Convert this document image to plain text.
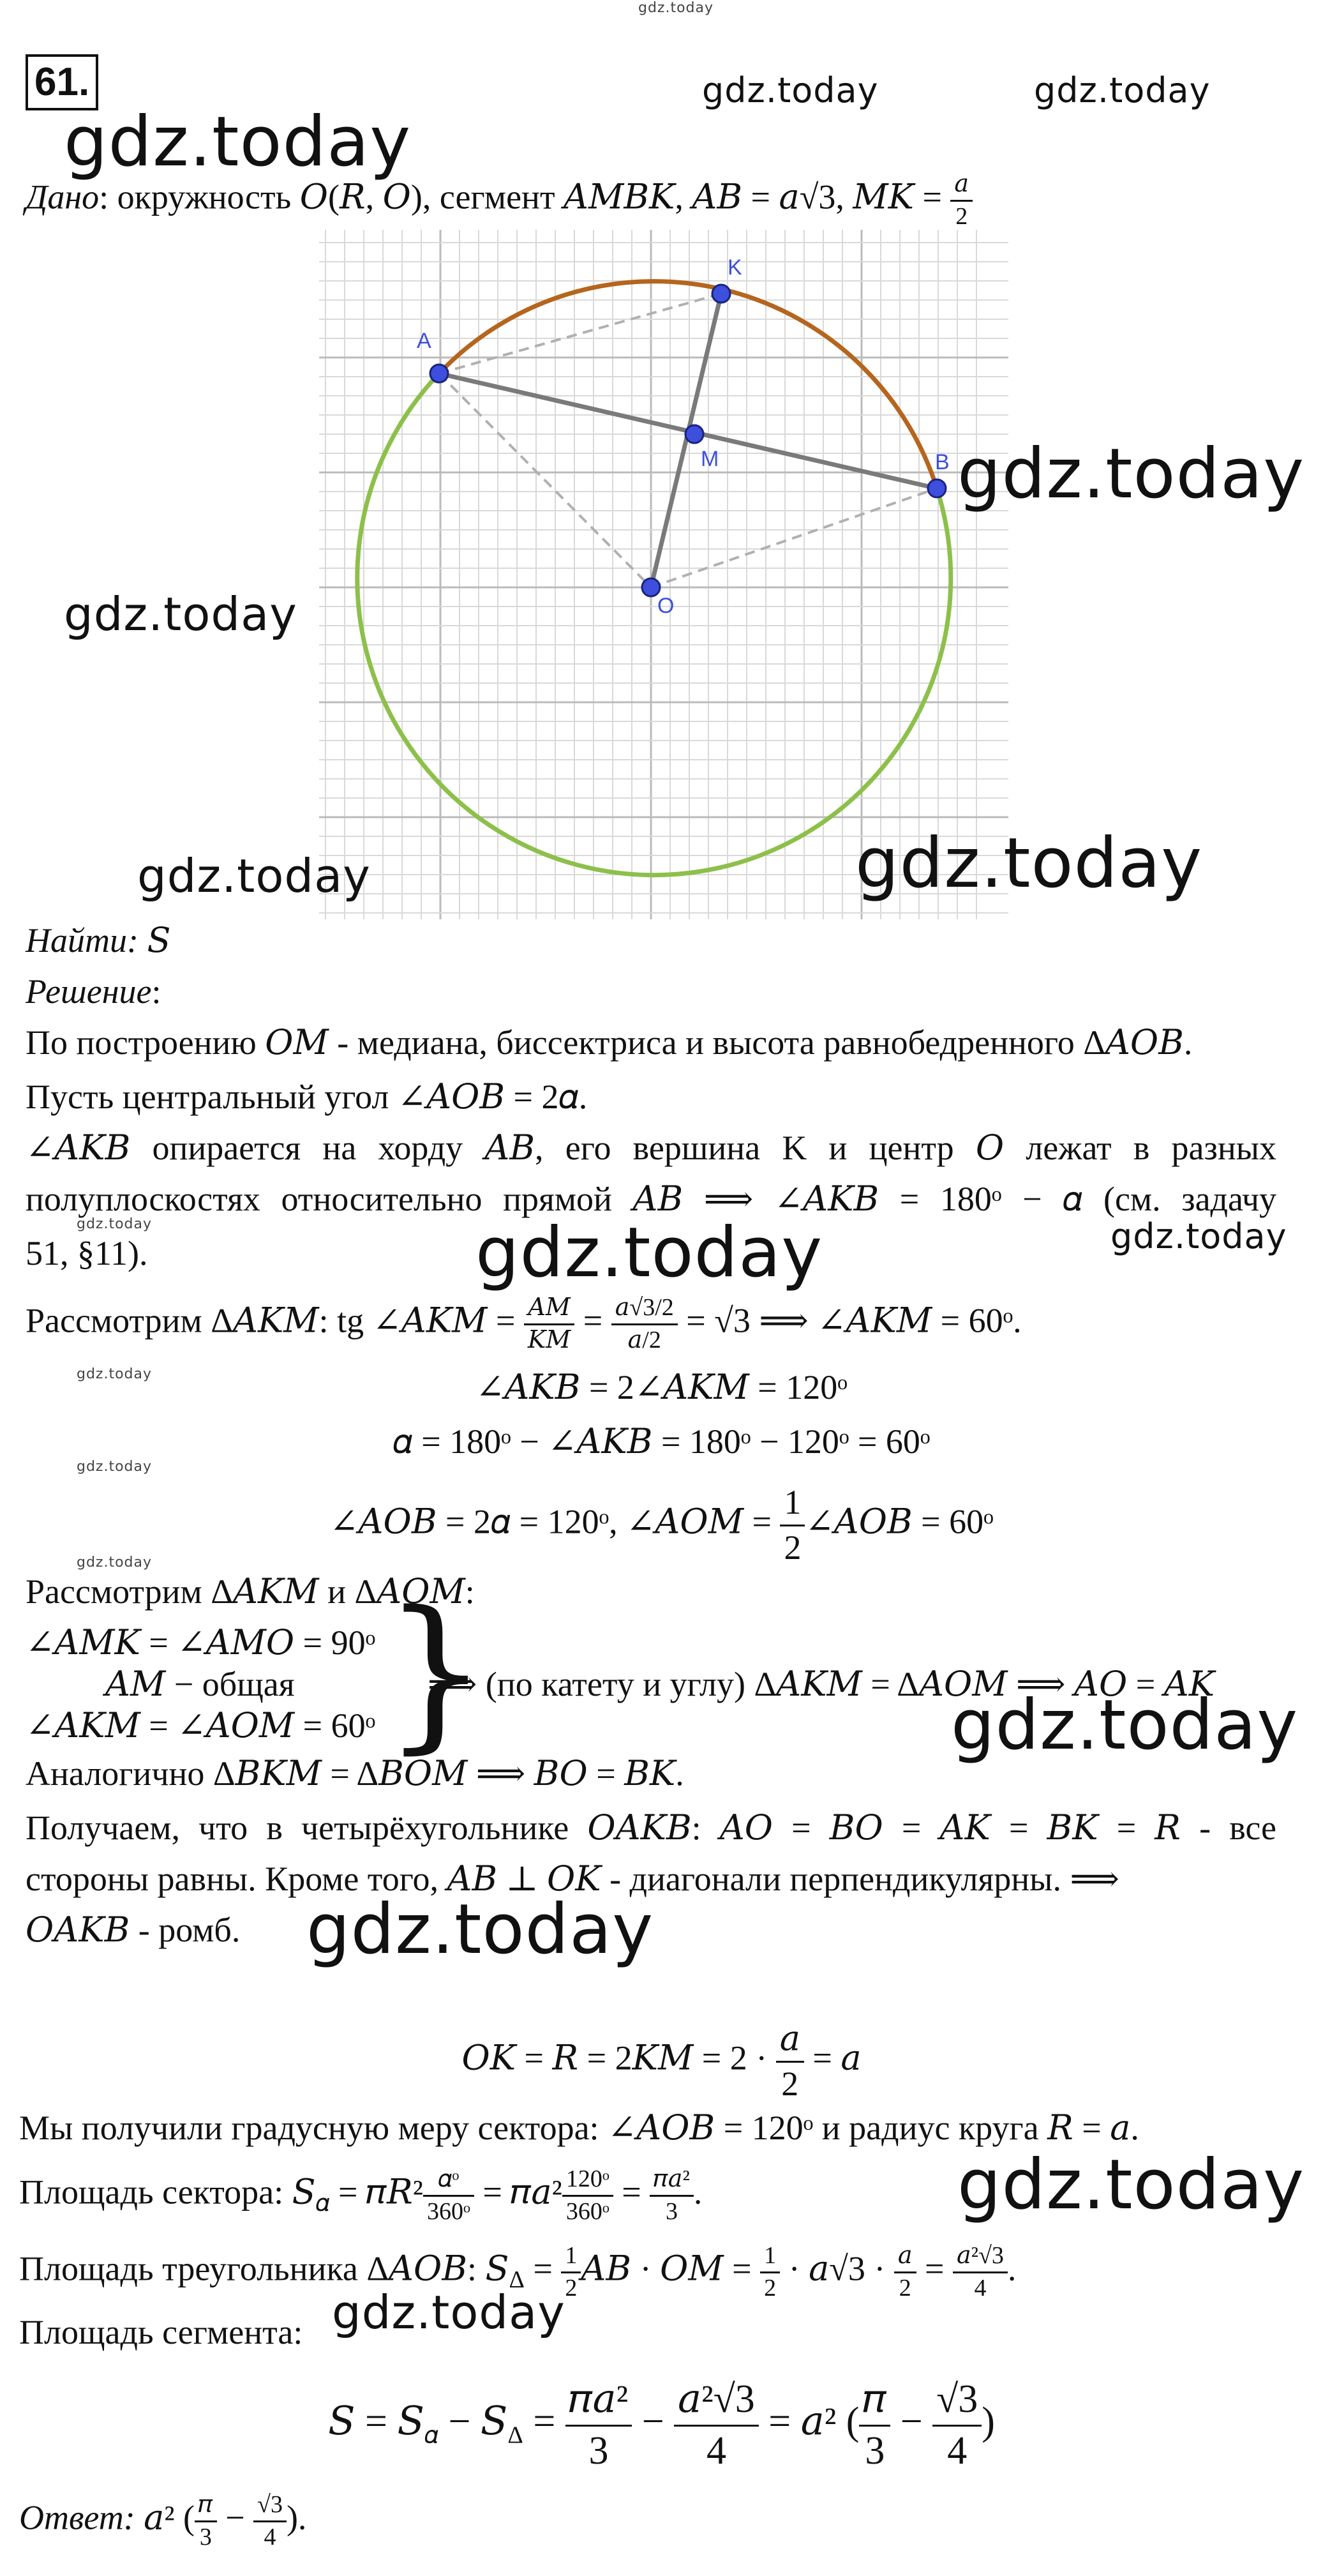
gdz.today
gdz.today	gdz.today
gdz.today
61.
Дано: окружность 𝑂(𝑅, 𝑂), сегмент 𝐴𝑀𝐵𝐾, 𝐴𝐵 = 𝑎√3, 𝑀𝐾 = $\frac{\text{𝑎}}{2}$
A
K
M	B
O
gdz.today
gdz.today
gdz.today	gdz.today
Найти: 𝑆
Решение:
По построению 𝑂𝑀 - медиана, биссектриса и высота равнобедренного Δ𝐴𝑂𝐵.
Пусть центральный угол ∠𝐴𝑂𝐵 = 2𝛼.
∠𝐴𝐾𝐵 опирается на хорду 𝐴𝐵, его вершина K и центр 𝑂 лежат в разных
полуплоскостях относительно прямой 𝐴𝐵 ⟹ ∠𝐴𝐾𝐵 = 180ᵒ − 𝛼 (см. задачу
51, §11).
gdz.today	gdz.today	gdz.today
Рассмотрим Δ𝐴𝐾𝑀: tg ∠𝐴𝐾𝑀 = $\frac{\text{𝐴𝑀}}{\text{𝐾𝑀}} = \frac{\text{𝑎√3/2}}{\text{𝑎/2}} = √3$ ⟹ ∠𝐴𝐾𝑀 = 60ᵒ.
gdz.today	∠𝐴𝐾𝐵 = 2∠𝐴𝐾𝑀 = 120ᵒ
gdz.today
𝛼 = 180ᵒ − ∠𝐴𝐾𝐵 = 180ᵒ − 120ᵒ = 60ᵒ
∠𝐴𝑂𝐵 = 2𝛼 = 120ᵒ, ∠𝐴𝑂𝑀 = $\frac{1}{2}$ ∠𝐴𝑂𝐵 = 60ᵒ
gdz.today
Рассмотрим Δ𝐴𝐾𝑀 и Δ𝐴𝑂𝑀:
∠𝐴𝑀𝐾 = ∠𝐴𝑀𝑂 = 90ᵒ
𝐴𝑀 − общая
∠𝐴𝐾𝑀 = ∠𝐴𝑂𝑀 = 60ᵒ }
⟹ (по катету и углу) Δ𝐴𝐾𝑀 = Δ𝐴𝑂𝑀 ⟹ 𝐴𝑂 = 𝐴𝐾
gdz.today
Аналогично Δ𝐵𝐾𝑀 = Δ𝐵𝑂𝑀 ⟹ 𝐵𝑂 = 𝐵𝐾.
Получаем, что в четырёхугольнике 𝑂𝐴𝐾𝐵: 𝐴𝑂 = 𝐵𝑂 = 𝐴𝐾 = 𝐵𝐾 = 𝑅 - все
стороны равны. Кроме того, 𝐴𝐵 ⊥ 𝑂𝐾 - диагонали перпендикулярны. ⟹
𝑂𝐴𝐾𝐵 - ромб. gdz.today
𝑂𝐾 = 𝑅 = 2𝐾𝑀 = $2 \cdot \frac{\text{𝑎}}{2}$ = 𝑎
Мы получили градусную меру сектора: ∠𝐴𝑂𝐵 = 120ᵒ и радиус круга 𝑅 = 𝑎.
Площадь сектора: 𝑆$_𝛼$ = 𝜋𝑅² $\frac{\text{𝛼ᵒ}}{\text{360ᵒ}}$ = 𝜋𝑎² $\frac{\text{120ᵒ}}{\text{360ᵒ}} = \frac{\text{𝜋𝑎²}}{3}$ .	gdz.today
Площадь треугольника Δ𝐴𝑂𝐵: 𝑆$_\Delta$ = $\frac{1}{2}$ 𝐴𝐵 · 𝑂𝑀 = $\frac{1}{2}$ · 𝑎√3 · $\frac{\text{𝑎}}{2} = \frac{\text{𝑎²√3}}{4}$ .
gdz.today
Площадь сегмента:
𝑆 = 𝑆$_𝛼$ − 𝑆$_\Delta$ = $\frac{\text{𝜋𝑎²}}{3} - \frac{\text{𝑎²√3}}{4}$ = 𝑎² ( $\frac{\text{𝜋}}{3} - \frac{√3}{4}$ )
Ответ: 𝑎² ( $\frac{\text{𝜋}}{3} - \frac{√3}{4}$ ).
